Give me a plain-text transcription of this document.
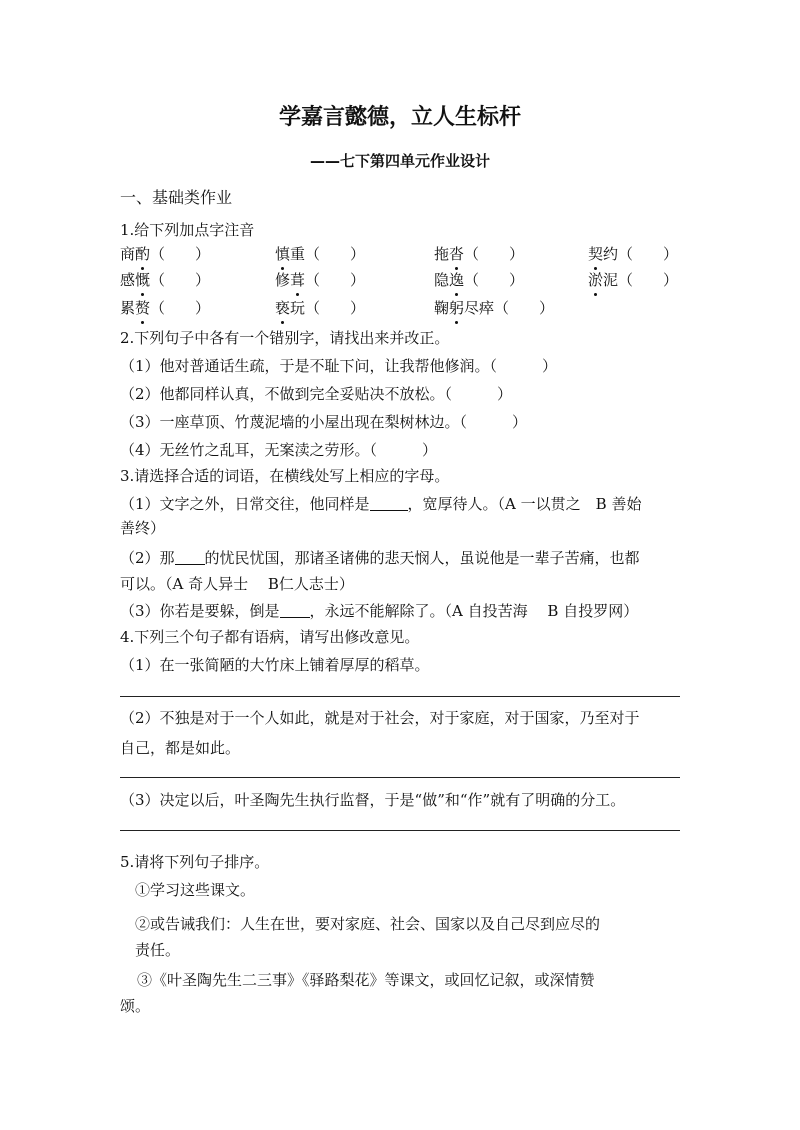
学嘉言懿德，立人生标杆
——七下第四单元作业设计
一、基础类作业
1.给下列加点字注音
商酌（　　）	慎重（　　）	拖沓（　　）	契约（　　）
感慨（　　）	修葺（　　）	隐逸（　　）	淤泥（　　）
累赘（　　）	亵玩（　　）	鞠躬尽瘁（　　）
2.下列句子中各有一个错别字，请找出来并改正。
（1）他对普通话生疏，于是不耻下问，让我帮他修润。（　　　）
（2）他都同样认真，不做到完全妥贴决不放松。（　　　）
（3）一座草顶、竹蔑泥墙的小屋出现在梨树林边。（　　　）
（4）无丝竹之乱耳，无案渎之劳形。（　　　）
3.请选择合适的词语，在横线处写上相应的字母。
（1）文字之外，日常交往，他同样是	，宽厚待人。（A 一以贯之　B 善始
善终）
（2）那 的忧民忧国，那诸圣诸佛的悲天悯人，虽说他是一辈子苦痛，也都
可以。（A 奇人异士　 B仁人志士）
（3）你若是要躲，倒是 ，永远不能解除了。（A 自投苦海　 B 自投罗网）
4.下列三个句子都有语病，请写出修改意见。
（1）在一张简陋的大竹床上铺着厚厚的稻草。
（2）不独是对于一个人如此，就是对于社会，对于家庭，对于国家，乃至对于
自己，都是如此。
（3）决定以后，叶圣陶先生执行监督，于是“做”和“作”就有了明确的分工。
5.请将下列句子排序。
①学习这些课文。
②或告诫我们：人生在世，要对家庭、社会、国家以及自己尽到应尽的
责任。
③《叶圣陶先生二三事》《驿路梨花》等课文，或回忆记叙，或深情赞
颂。
